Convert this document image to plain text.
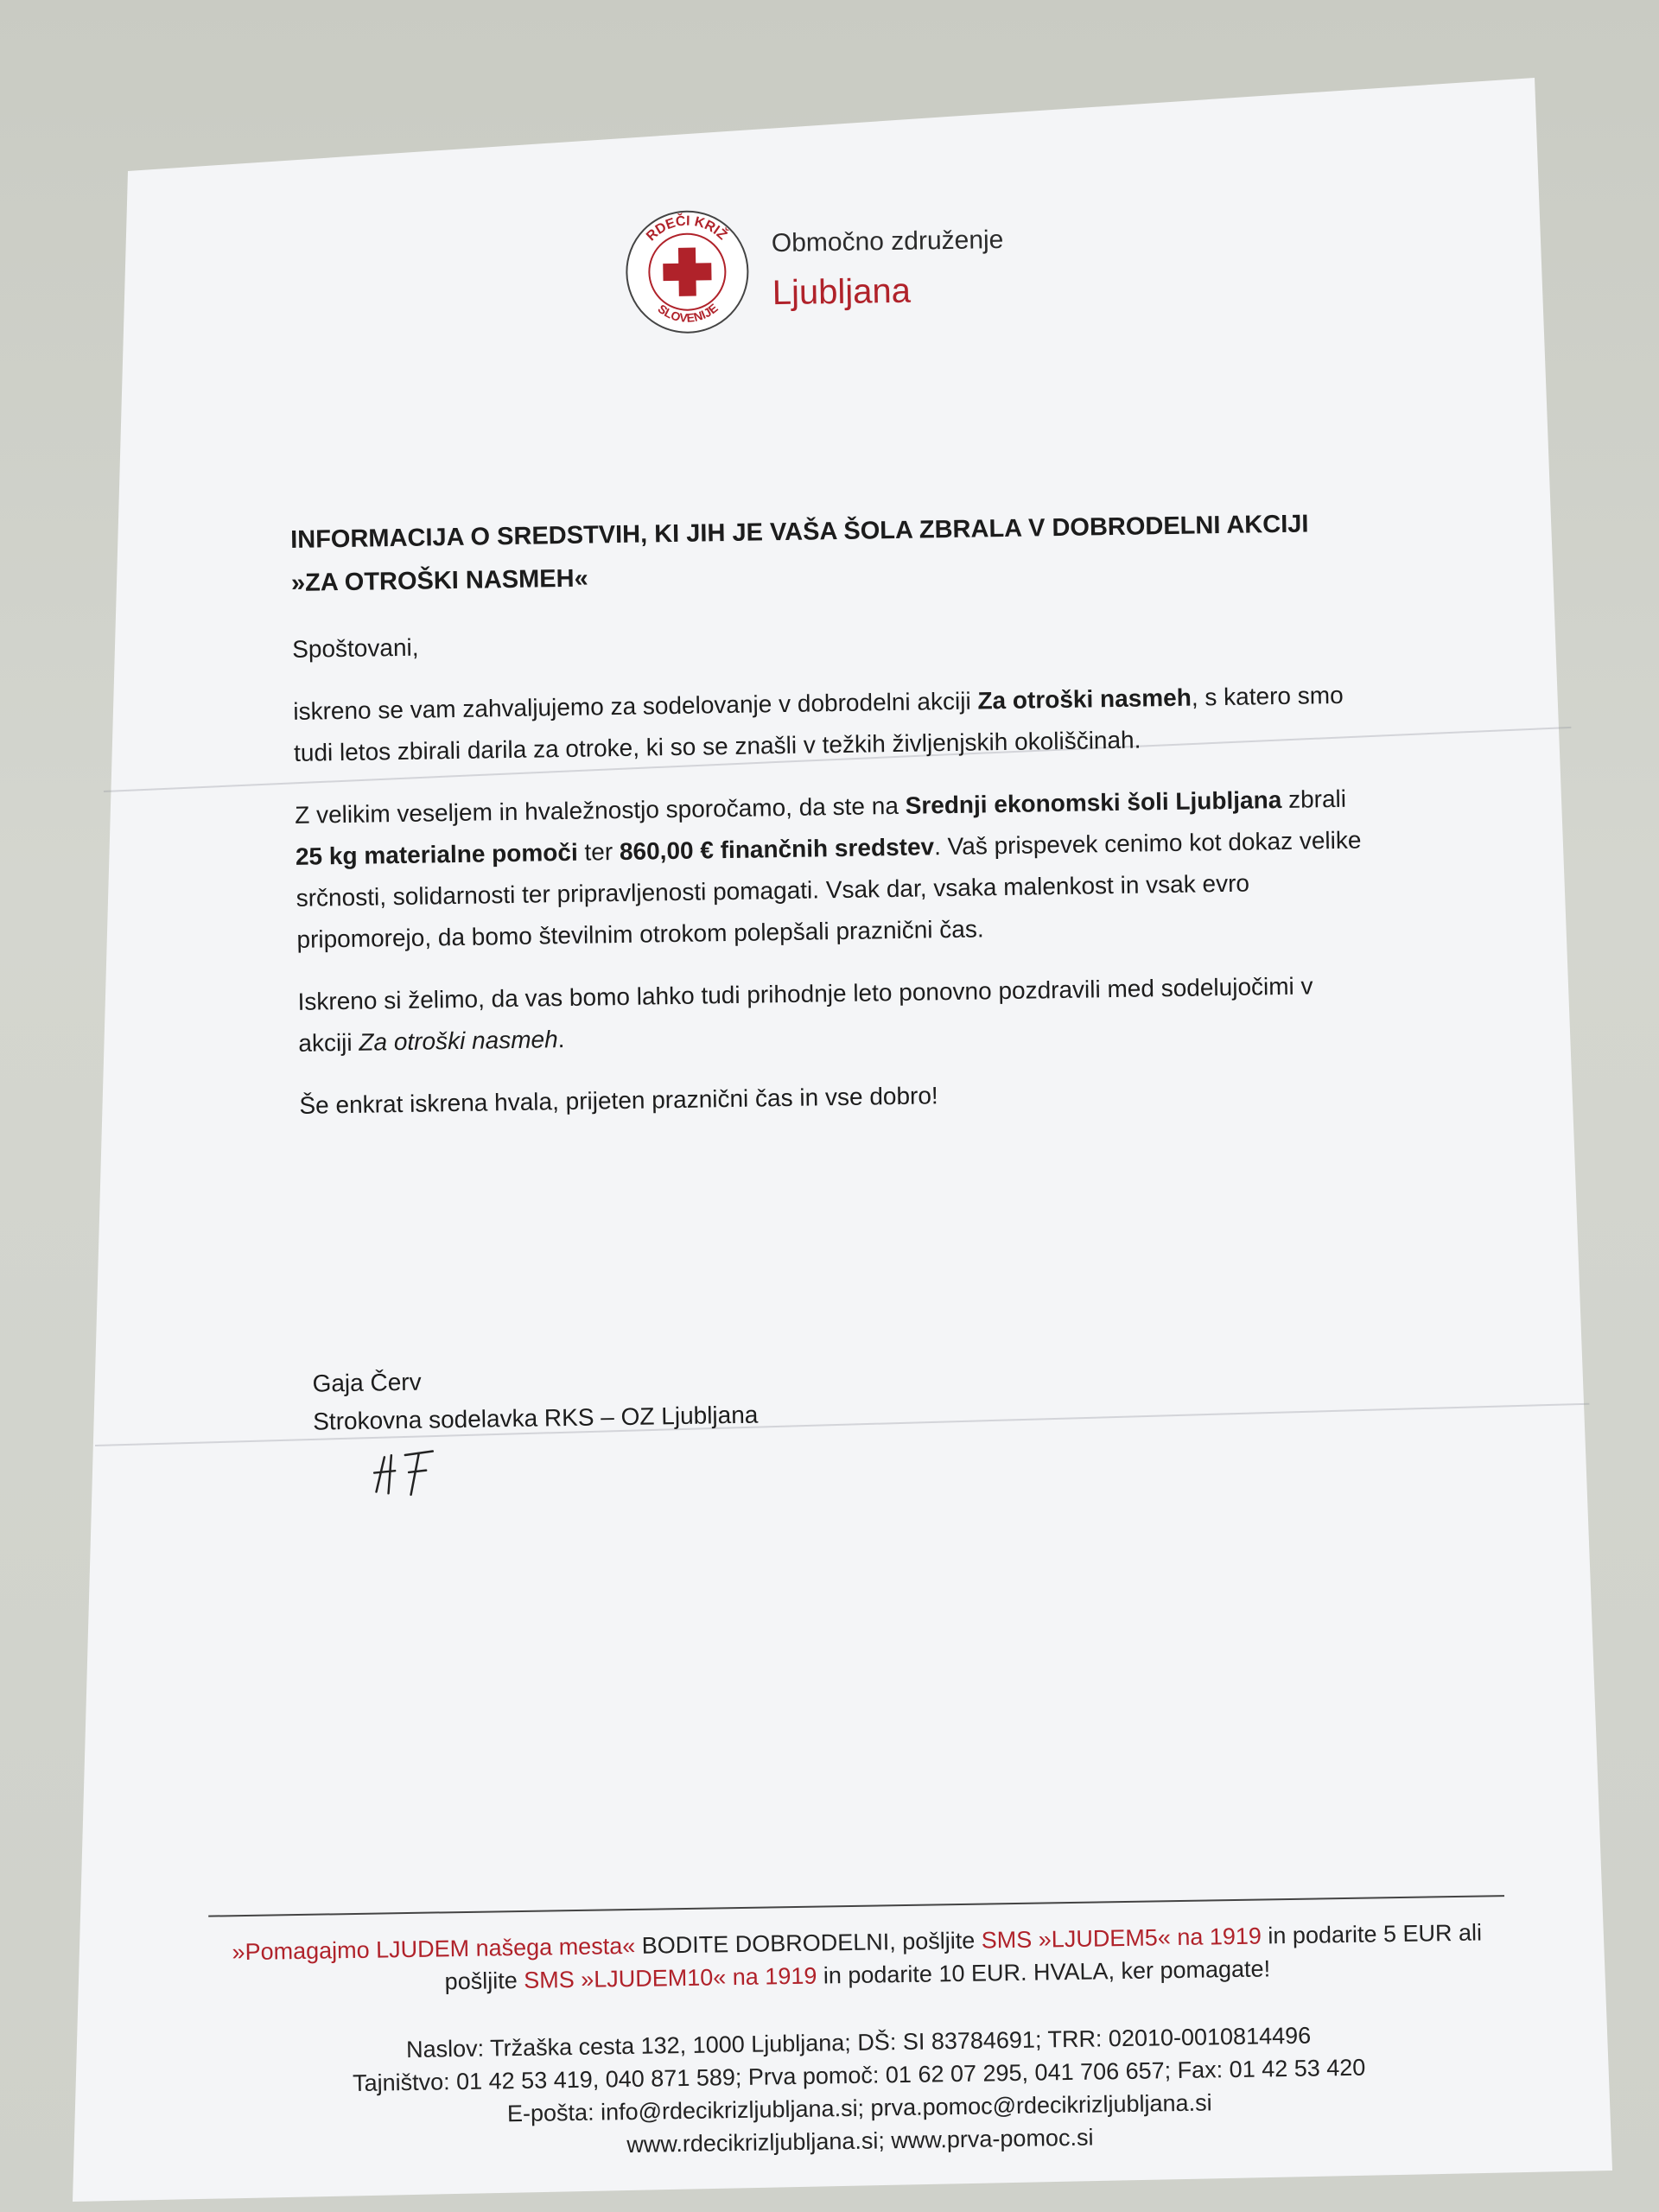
RDEČI KRIŽ
SLOVENIJE
Območno združenje
Ljubljana
INFORMACIJA O SREDSTVIH, KI JIH JE VAŠA ŠOLA ZBRALA V DOBRODELNI AKCIJI
»ZA OTROŠKI NASMEH«

Spoštovani,

iskreno se vam zahvaljujemo za sodelovanje v dobrodelni akciji Za otroški nasmeh, s katero smo tudi letos zbirali darila za otroke, ki so se znašli v težkih življenjskih okoliščinah.

Z velikim veseljem in hvaležnostjo sporočamo, da ste na Srednji ekonomski šoli Ljubljana zbrali 25 kg materialne pomoči ter 860,00 € finančnih sredstev. Vaš prispevek cenimo kot dokaz velike srčnosti, solidarnosti ter pripravljenosti pomagati. Vsak dar, vsaka malenkost in vsak evro pripomorejo, da bomo številnim otrokom polepšali praznični čas.

Iskreno si želimo, da vas bomo lahko tudi prihodnje leto ponovno pozdravili med sodelujočimi v akciji Za otroški nasmeh.

Še enkrat iskrena hvala, prijeten praznični čas in vse dobro!

Gaja Červ
Strokovna sodelavka RKS – OZ Ljubljana
»Pomagajmo LJUDEM našega mesta« BODITE DOBRODELNI, pošljite SMS »LJUDEM5« na 1919 in podarite 5 EUR ali pošljite SMS »LJUDEM10« na 1919 in podarite 10 EUR. HVALA, ker pomagate!
Naslov: Tržaška cesta 132, 1000 Ljubljana; DŠ: SI 83784691; TRR: 02010-0010814496
Tajništvo: 01 42 53 419, 040 871 589; Prva pomoč: 01 62 07 295, 041 706 657; Fax: 01 42 53 420
E-pošta: info@rdecikrizljubljana.si; prva.pomoc@rdecikrizljubljana.si
www.rdecikrizljubljana.si; www.prva-pomoc.si
